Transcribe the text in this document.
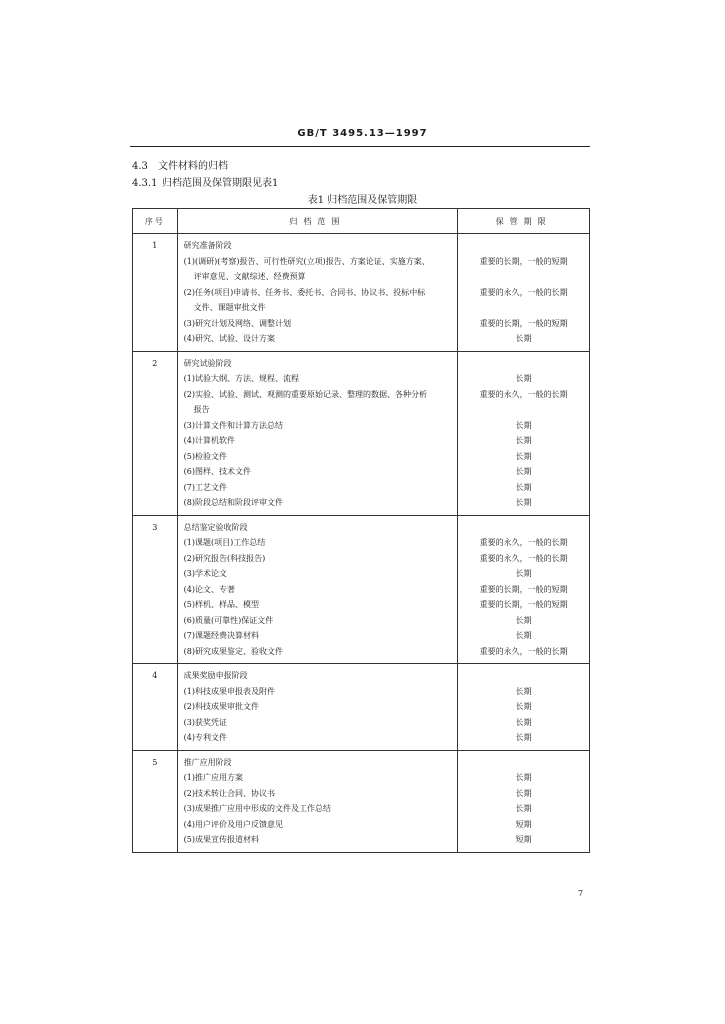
GB/T 3495.13—1997
4.3 文件材料的归档
4.3.1 归档范围及保管期限见表1
表1 归档范围及保管期限
序号	归档范围	保管期限
1	研究准备阶段	
	(1)(调研)(考察)报告、可行性研究(立项)报告、方案论证、实施方案、	重要的长期，一般的短期
	评审意见、文献综述、经费预算	
	(2)任务(项目)申请书、任务书、委托书、合同书、协议书、投标中标	重要的永久，一般的长期
	文件、课题审批文件	
	(3)研究计划及网络、调整计划	重要的长期，一般的短期
	(4)研究、试验、设计方案	长期
2	研究试验阶段	
	(1)试验大纲、方法、规程、流程	长期
	(2)实验、试验、测试、观测的重要原始记录、整理的数据、各种分析	重要的永久，一般的长期
	报告	
	(3)计算文件和计算方法总结	长期
	(4)计算机软件	长期
	(5)检验文件	长期
	(6)图样、技术文件	长期
	(7)工艺文件	长期
	(8)阶段总结和阶段评审文件	长期
3	总结鉴定验收阶段	
	(1)课题(项目)工作总结	重要的永久，一般的长期
	(2)研究报告(科技报告)	重要的永久，一般的长期
	(3)学术论文	长期
	(4)论文、专著	重要的长期，一般的短期
	(5)样机、样品、模型	重要的长期，一般的短期
	(6)质量(可靠性)保证文件	长期
	(7)课题经费决算材料	长期
	(8)研究成果鉴定、验收文件	重要的永久，一般的长期
4	成果奖励申报阶段	
	(1)科技成果申报表及附件	长期
	(2)科技成果审批文件	长期
	(3)获奖凭证	长期
	(4)专利文件	长期
5	推广应用阶段	
	(1)推广应用方案	长期
	(2)技术转让合同、协议书	长期
	(3)成果推广应用中形成的文件及工作总结	长期
	(4)用户评价及用户反馈意见	短期
	(5)成果宣传报道材料	短期
7
